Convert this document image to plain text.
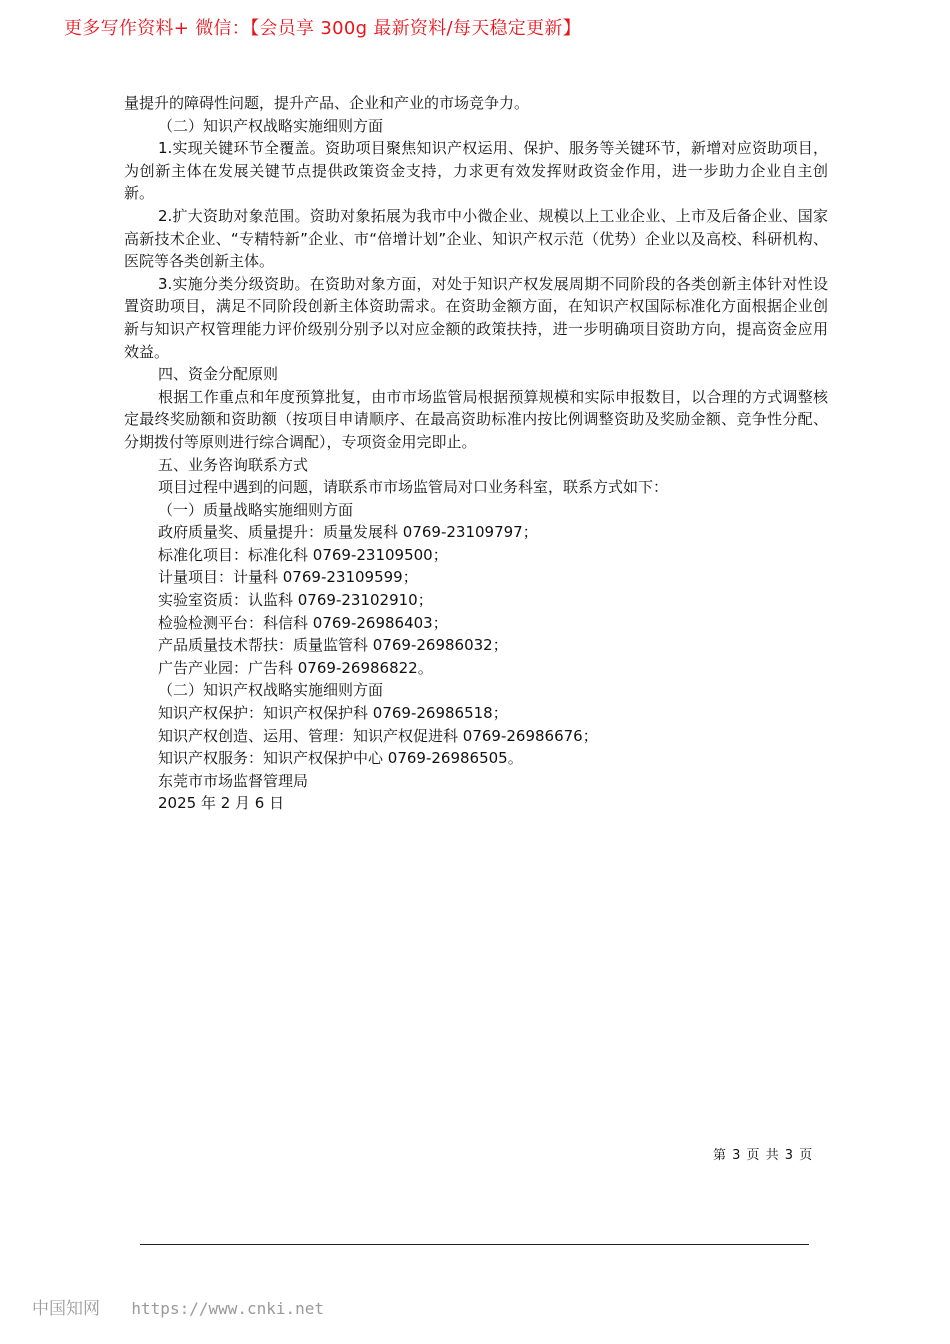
更多写作资料+ 微信：【会员享 300g 最新资料/每天稳定更新】

量提升的障碍性问题，提升产品、企业和产业的市场竞争力。

（二）知识产权战略实施细则方面

1.实现关键环节全覆盖。资助项目聚焦知识产权运用、保护、服务等关键环节，新增对应资助项目，为创新主体在发展关键节点提供政策资金支持，力求更有效发挥财政资金作用，进一步助力企业自主创新。

2.扩大资助对象范围。资助对象拓展为我市中小微企业、规模以上工业企业、上市及后备企业、国家高新技术企业、“专精特新”企业、市“倍增计划”企业、知识产权示范（优势）企业以及高校、科研机构、医院等各类创新主体。

3.实施分类分级资助。在资助对象方面，对处于知识产权发展周期不同阶段的各类创新主体针对性设置资助项目，满足不同阶段创新主体资助需求。在资助金额方面，在知识产权国际标准化方面根据企业创新与知识产权管理能力评价级别分别予以对应金额的政策扶持，进一步明确项目资助方向，提高资金应用效益。

四、资金分配原则

根据工作重点和年度预算批复，由市市场监管局根据预算规模和实际申报数目，以合理的方式调整核定最终奖励额和资助额（按项目申请顺序、在最高资助标准内按比例调整资助及奖励金额、竞争性分配、分期拨付等原则进行综合调配），专项资金用完即止。

五、业务咨询联系方式

项目过程中遇到的问题，请联系市市场监管局对口业务科室，联系方式如下：

（一）质量战略实施细则方面

政府质量奖、质量提升：质量发展科 0769-23109797；

标准化项目：标准化科 0769-23109500；

计量项目：计量科 0769-23109599；

实验室资质：认监科 0769-23102910；

检验检测平台：科信科 0769-26986403；

产品质量技术帮扶：质量监管科 0769-26986032；

广告产业园：广告科 0769-26986822。

（二）知识产权战略实施细则方面

知识产权保护：知识产权保护科 0769-26986518；

知识产权创造、运用、管理：知识产权促进科 0769-26986676；

知识产权服务：知识产权保护中心 0769-26986505。

东莞市市场监督管理局

2025 年 2 月 6 日

第 3 页 共 3 页
中国知网 https://www.cnki.net
